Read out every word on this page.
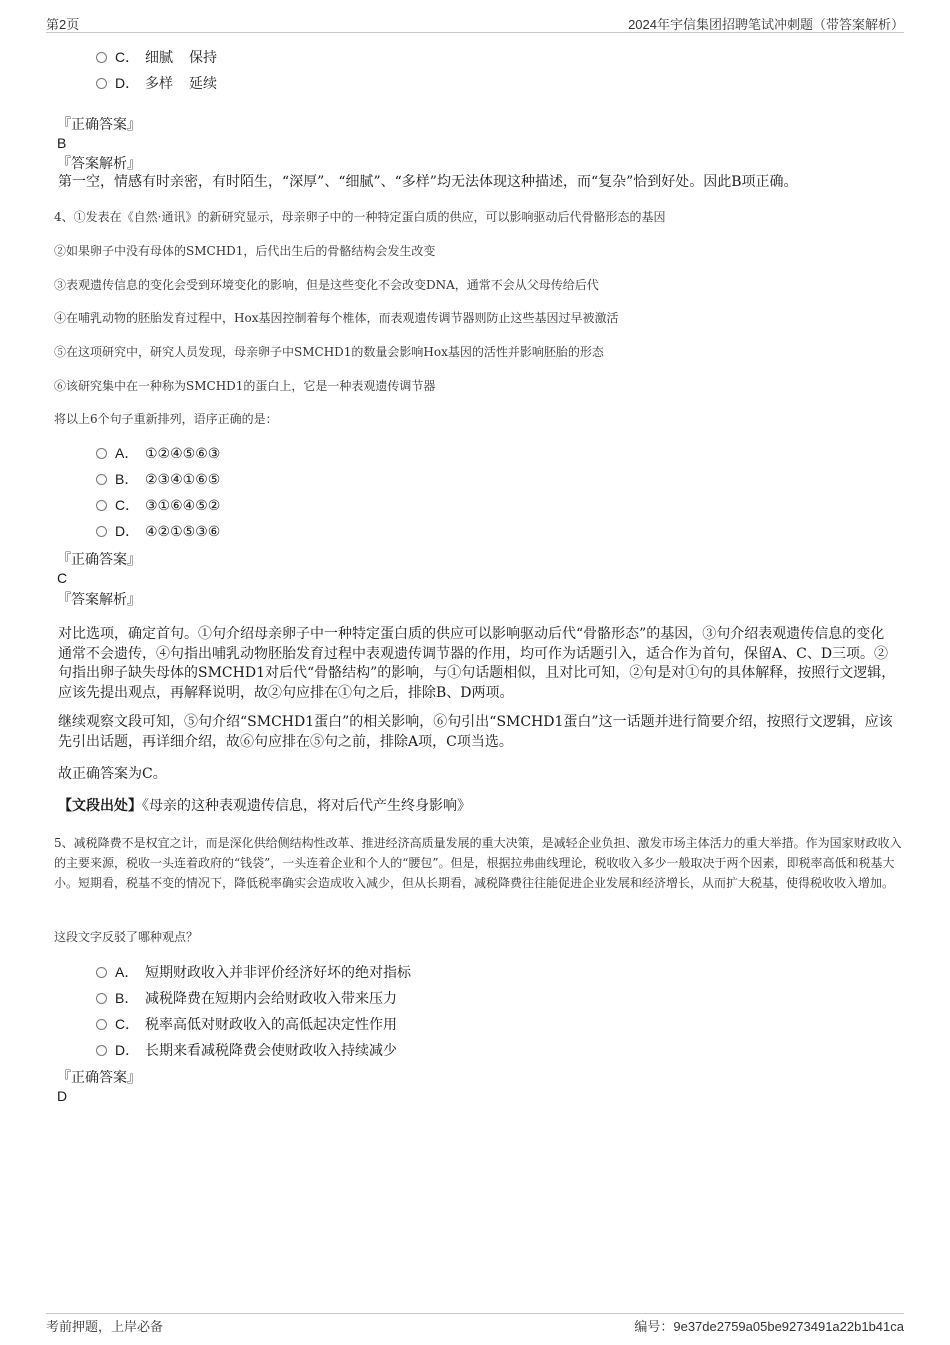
第2页	2024年宇信集团招聘笔试冲刺题（带答案解析）
C． 细腻 保持
D． 多样 延续
『正确答案』
B
『答案解析』
第一空，情感有时亲密，有时陌生，“深厚”、“细腻”、“多样”均无法体现这种描述，而“复杂”恰到好处。因此B项正确。
4、①发表在《自然·通讯》的新研究显示，母亲卵子中的一种特定蛋白质的供应，可以影响驱动后代骨骼形态的基因
②如果卵子中没有母体的SMCHD1，后代出生后的骨骼结构会发生改变
③表观遗传信息的变化会受到环境变化的影响，但是这些变化不会改变DNA，通常不会从父母传给后代
④在哺乳动物的胚胎发育过程中，Hox基因控制着每个椎体，而表观遗传调节器则防止这些基因过早被激活
⑤在这项研究中，研究人员发现，母亲卵子中SMCHD1的数量会影响Hox基因的活性并影响胚胎的形态
⑥该研究集中在一种称为SMCHD1的蛋白上，它是一种表观遗传调节器
将以上6个句子重新排列，语序正确的是：
A． ①②④⑤⑥③
B． ②③④①⑥⑤
C． ③①⑥④⑤②
D． ④②①⑤③⑥
『正确答案』
C
『答案解析』
对比选项，确定首句。①句介绍母亲卵子中一种特定蛋白质的供应可以影响驱动后代“骨骼形态”的基因，③句介绍表观遗传信息的变化通常不会遗传，④句指出哺乳动物胚胎发育过程中表观遗传调节器的作用，均可作为话题引入，适合作为首句，保留A、C、D三项。②句指出卵子缺失母体的SMCHD1对后代“骨骼结构”的影响，与①句话题相似，且对比可知，②句是对①句的具体解释，按照行文逻辑，应该先提出观点，再解释说明，故②句应排在①句之后，排除B、D两项。
继续观察文段可知，⑤句介绍“SMCHD1蛋白”的相关影响，⑥句引出“SMCHD1蛋白”这一话题并进行简要介绍，按照行文逻辑，应该先引出话题，再详细介绍，故⑥句应排在⑤句之前，排除A项，C项当选。
故正确答案为C。
【文段出处】《母亲的这种表观遗传信息，将对后代产生终身影响》
5、减税降费不是权宜之计，而是深化供给侧结构性改革、推进经济高质量发展的重大决策，是减轻企业负担、激发市场主体活力的重大举措。作为国家财政收入的主要来源，税收一头连着政府的“钱袋”，一头连着企业和个人的“腰包”。但是，根据拉弗曲线理论，税收收入多少一般取决于两个因素，即税率高低和税基大小。短期看，税基不变的情况下，降低税率确实会造成收入减少，但从长期看，减税降费往往能促进企业发展和经济增长，从而扩大税基，使得税收收入增加。
这段文字反驳了哪种观点？
A． 短期财政收入并非评价经济好坏的绝对指标
B． 减税降费在短期内会给财政收入带来压力
C． 税率高低对财政收入的高低起决定性作用
D． 长期来看减税降费会使财政收入持续减少
『正确答案』
D
考前押题，上岸必备	编号：9e37de2759a05be9273491a22b1b41ca
